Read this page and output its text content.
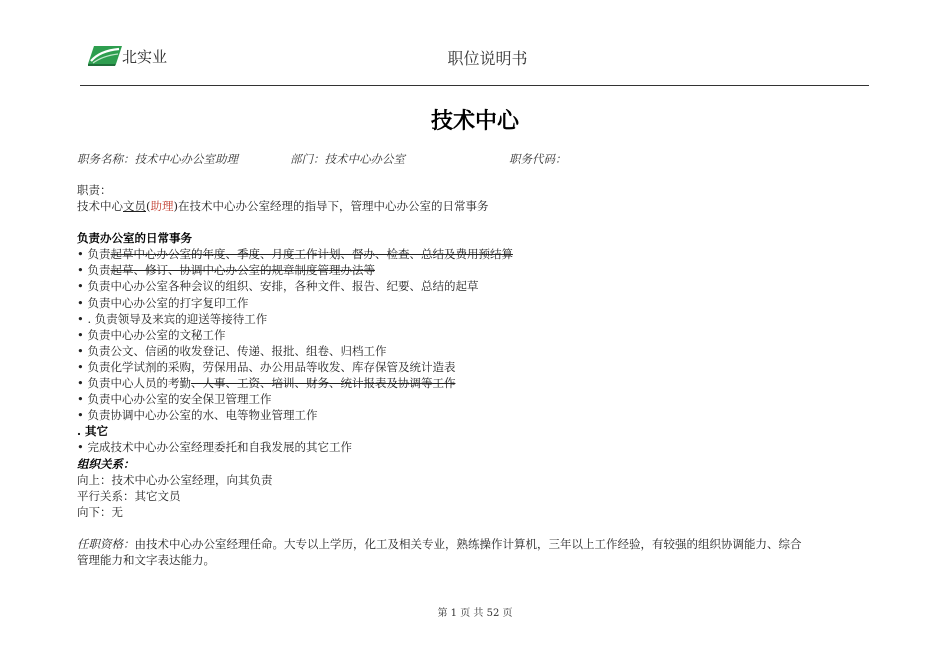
北实业	职位说明书
技术中心
职务名称：技术中心办公室助理	部门：技术中心办公室	职务代码：
职责：
技术中心文员(助理)在技术中心办公室经理的指导下，管理中心办公室的日常事务
负责办公室的日常事务
• 负责起草中心办公室的年度、季度、月度工作计划、督办、检查、总结及费用预结算
• 负责起草、修订、协调中心办公室的规章制度管理办法等
• 负责中心办公室各种会议的组织、安排，各种文件、报告、纪要、总结的起草
• 负责中心办公室的打字复印工作
• . 负责领导及来宾的迎送等接待工作
• 负责中心办公室的文秘工作
• 负责公文、信函的收发登记、传递、报批、组卷、归档工作
• 负责化学试剂的采购，劳保用品、办公用品等收发、库存保管及统计造表
• 负责中心人员的考勤、人事、工资、培训、财务、统计报表及协调等工作
• 负责中心办公室的安全保卫管理工作
• 负责协调中心办公室的水、电等物业管理工作
. 其它
• 完成技术中心办公室经理委托和自我发展的其它工作
组织关系：
向上：技术中心办公室经理，向其负责
平行关系：其它文员
向下：无
任职资格：由技术中心办公室经理任命。大专以上学历，化工及相关专业，熟练操作计算机，三年以上工作经验，有较强的组织协调能力、综合管理能力和文字表达能力。
第 1 页 共 52 页
